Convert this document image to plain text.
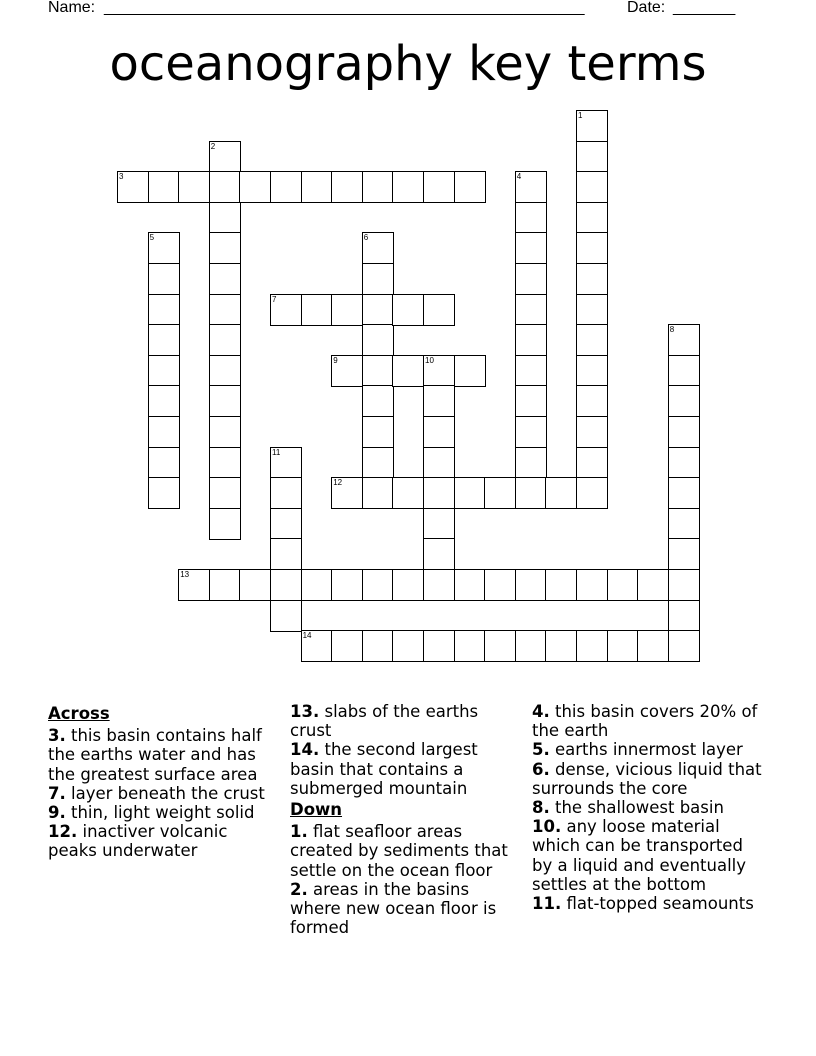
Name: ______________________________________________________	Date: _______
oceanography key terms
1
2
3	4
5	6
7
8
9	10
11
12
13
14
Across
3. this basin contains half the earths water and has the greatest surface area
7. layer beneath the crust
9. thin, light weight solid
12. inactiver volcanic peaks underwater
13. slabs of the earths crust
14. the second largest basin that contains a submerged mountain
Down
1. flat seafloor areas created by sediments that settle on the ocean floor
2. areas in the basins where new ocean floor is formed
4. this basin covers 20% of the earth
5. earths innermost layer
6. dense, vicious liquid that surrounds the core
8. the shallowest basin
10. any loose material which can be transported by a liquid and eventually settles at the bottom
11. flat-topped seamounts
